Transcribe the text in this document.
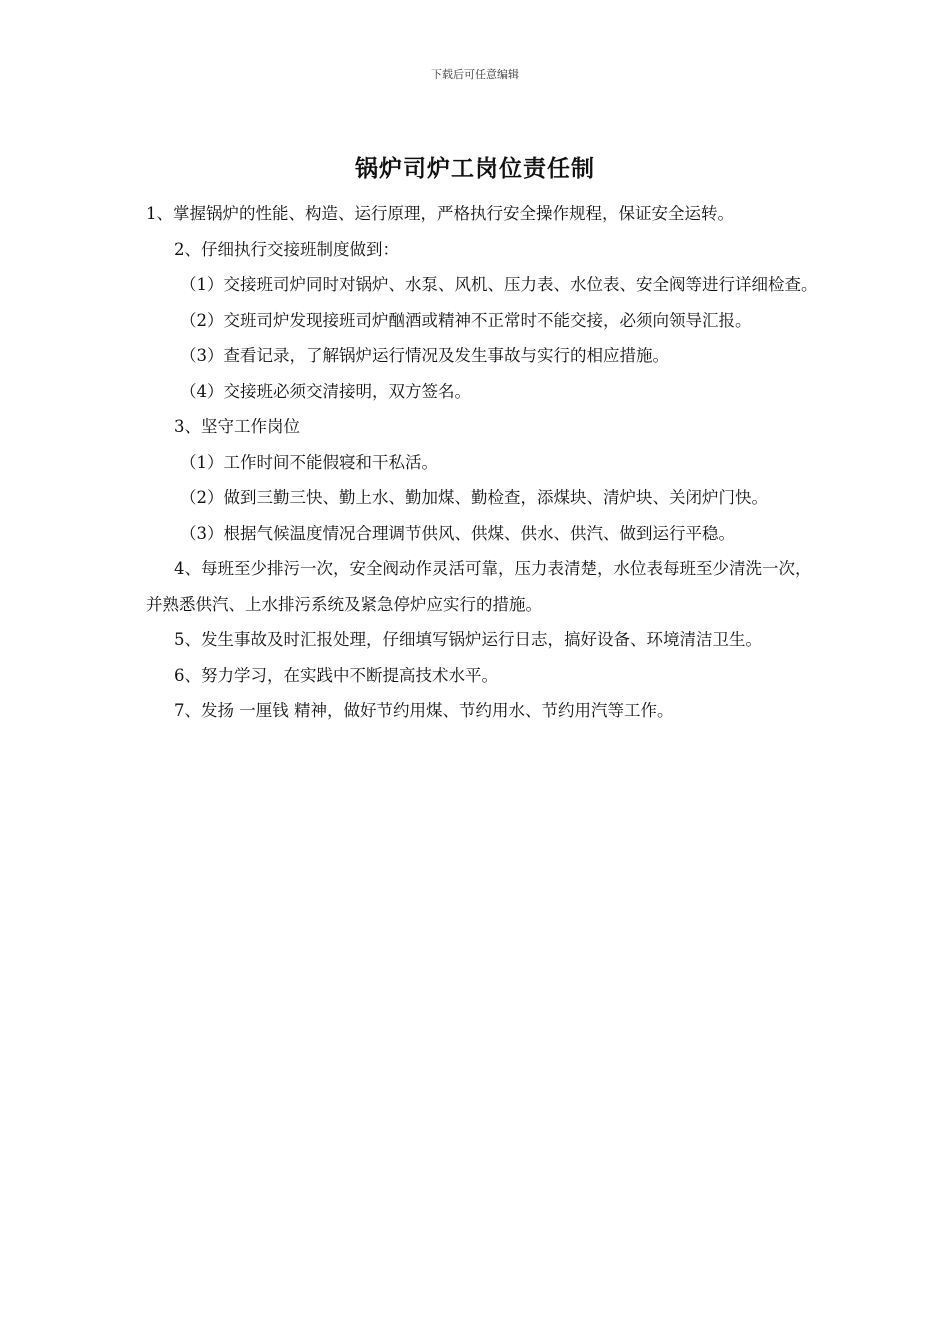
下载后可任意编辑
锅炉司炉工岗位责任制

1、掌握锅炉的性能、构造、运行原理，严格执行安全操作规程，保证安全运转。

2、仔细执行交接班制度做到：

（1）交接班司炉同时对锅炉、水泵、风机、压力表、水位表、安全阀等进行详细检查。

（2）交班司炉发现接班司炉酗酒或精神不正常时不能交接，必须向领导汇报。

（3）查看记录，了解锅炉运行情况及发生事故与实行的相应措施。

（4）交接班必须交清接明，双方签名。

3、坚守工作岗位

（1）工作时间不能假寝和干私活。

（2）做到三勤三快、勤上水、勤加煤、勤检查，添煤块、清炉块、关闭炉门快。

（3）根据气候温度情况合理调节供风、供煤、供水、供汽、做到运行平稳。

4、每班至少排污一次，安全阀动作灵活可靠，压力表清楚，水位表每班至少清洗一次，并熟悉供汽、上水排污系统及紧急停炉应实行的措施。

5、发生事故及时汇报处理，仔细填写锅炉运行日志，搞好设备、环境清洁卫生。

6、努力学习，在实践中不断提高技术水平。

7、发扬 一厘钱 精神，做好节约用煤、节约用水、节约用汽等工作。
